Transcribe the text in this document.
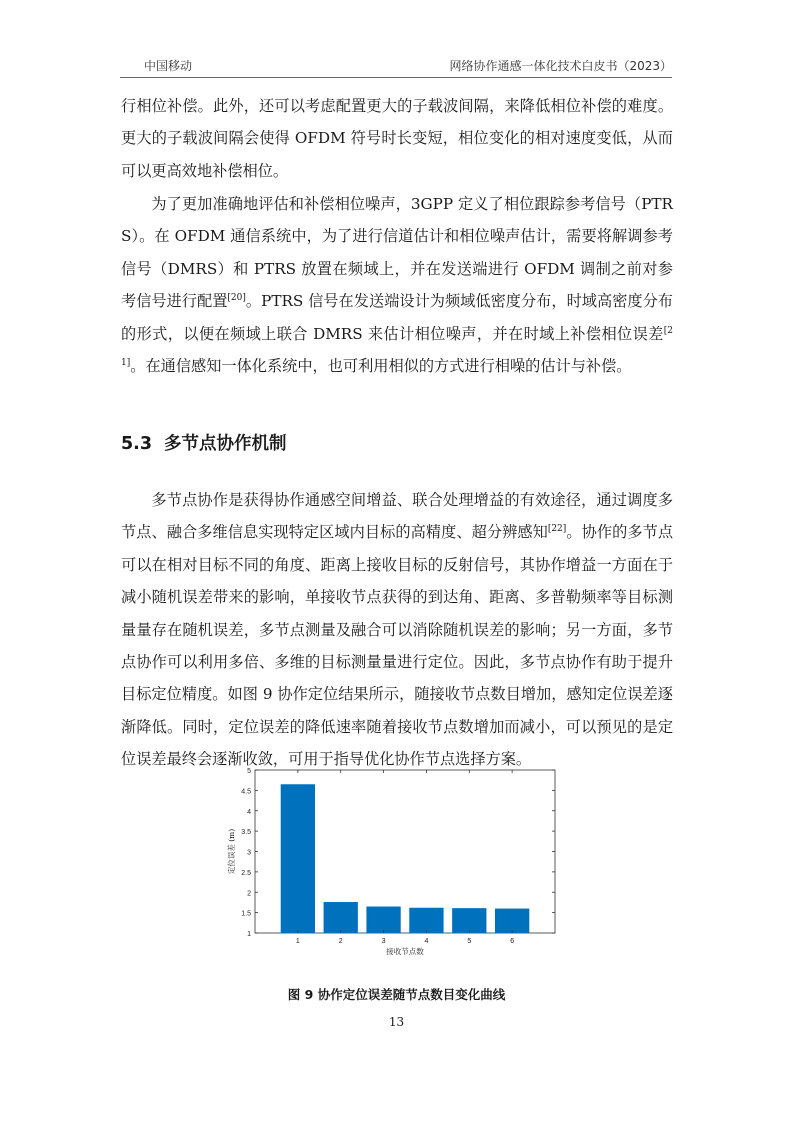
中国移动	网络协作通感一体化技术白皮书（2023）

行相位补偿。此外，还可以考虑配置更大的子载波间隔，来降低相位补偿的难度。更大的子载波间隔会使得 OFDM 符号时长变短，相位变化的相对速度变低，从而可以更高效地补偿相位。

为了更加准确地评估和补偿相位噪声，3GPP 定义了相位跟踪参考信号（PTRS）。在 OFDM 通信系统中，为了进行信道估计和相位噪声估计，需要将解调参考信号（DMRS）和 PTRS 放置在频域上，并在发送端进行 OFDM 调制之前对参考信号进行配置[20]。PTRS 信号在发送端设计为频域低密度分布，时域高密度分布的形式，以便在频域上联合 DMRS 来估计相位噪声，并在时域上补偿相位误差[21]。在通信感知一体化系统中，也可利用相似的方式进行相噪的估计与补偿。

5.3 多节点协作机制

多节点协作是获得协作通感空间增益、联合处理增益的有效途径，通过调度多节点、融合多维信息实现特定区域内目标的高精度、超分辨感知[22]。协作的多节点可以在相对目标不同的角度、距离上接收目标的反射信号，其协作增益一方面在于减小随机误差带来的影响，单接收节点获得的到达角、距离、多普勒频率等目标测量量存在随机误差，多节点测量及融合可以消除随机误差的影响；另一方面，多节点协作可以利用多倍、多维的目标测量量进行定位。因此，多节点协作有助于提升目标定位精度。如图 9 协作定位结果所示，随接收节点数目增加，感知定位误差逐渐降低。同时，定位误差的降低速率随着接收节点数增加而减小，可以预见的是定位误差最终会逐渐收敛，可用于指导优化协作节点选择方案。

1
1.5
2
2.5
3
3.5
4
4.5
5
1	2	3	4	5	6
接收节点数
定位误差 (m)

图 9 协作定位误差随节点数目变化曲线

13
